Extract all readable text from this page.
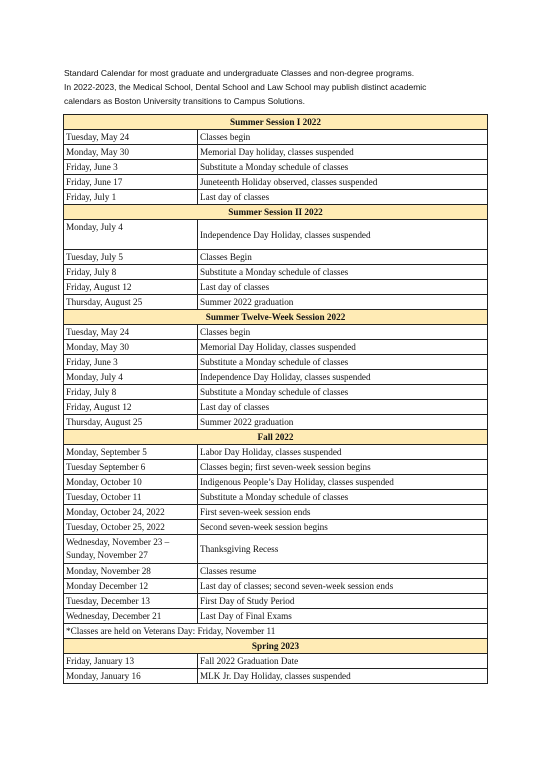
Standard Calendar for most graduate and undergraduate Classes and non-degree programs.

In 2022-2023, the Medical School, Dental School and Law School may publish distinct academic

calendars as Boston University transitions to Campus Solutions.

Summer Session I 2022	
Tuesday, May 24	Classes begin
Monday, May 30	Memorial Day holiday, classes suspended
Friday, June 3	Substitute a Monday schedule of classes
Friday, June 17	Juneteenth Holiday observed, classes suspended
Friday, July 1	Last day of classes
Summer Session II 2022	
Monday, July 4	Independence Day Holiday, classes suspended
Tuesday, July 5	Classes Begin
Friday, July 8	Substitute a Monday schedule of classes
Friday, August 12	Last day of classes
Thursday, August 25	Summer 2022 graduation
Summer Twelve-Week Session 2022	
Tuesday, May 24	Classes begin
Monday, May 30	Memorial Day Holiday, classes suspended
Friday, June 3	Substitute a Monday schedule of classes
Monday, July 4	Independence Day Holiday, classes suspended
Friday, July 8	Substitute a Monday schedule of classes
Friday, August 12	Last day of classes
Thursday, August 25	Summer 2022 graduation
Fall 2022	
Monday, September 5	Labor Day Holiday, classes suspended
Tuesday September 6	Classes begin; first seven-week session begins
Monday, October 10	Indigenous People’s Day Holiday, classes suspended
Tuesday, October 11	Substitute a Monday schedule of classes
Monday, October 24, 2022	First seven-week session ends
Tuesday, October 25, 2022	Second seven-week session begins
Wednesday, November 23 – Sunday, November 27	Thanksgiving Recess
Monday, November 28	Classes resume
Monday December 12	Last day of classes; second seven-week session ends
Tuesday, December 13	First Day of Study Period
Wednesday, December 21	Last Day of Final Exams
*Classes are held on Veterans Day: Friday, November 11	
Spring 2023	
Friday, January 13	Fall 2022 Graduation Date
Monday, January 16	MLK Jr. Day Holiday, classes suspended
